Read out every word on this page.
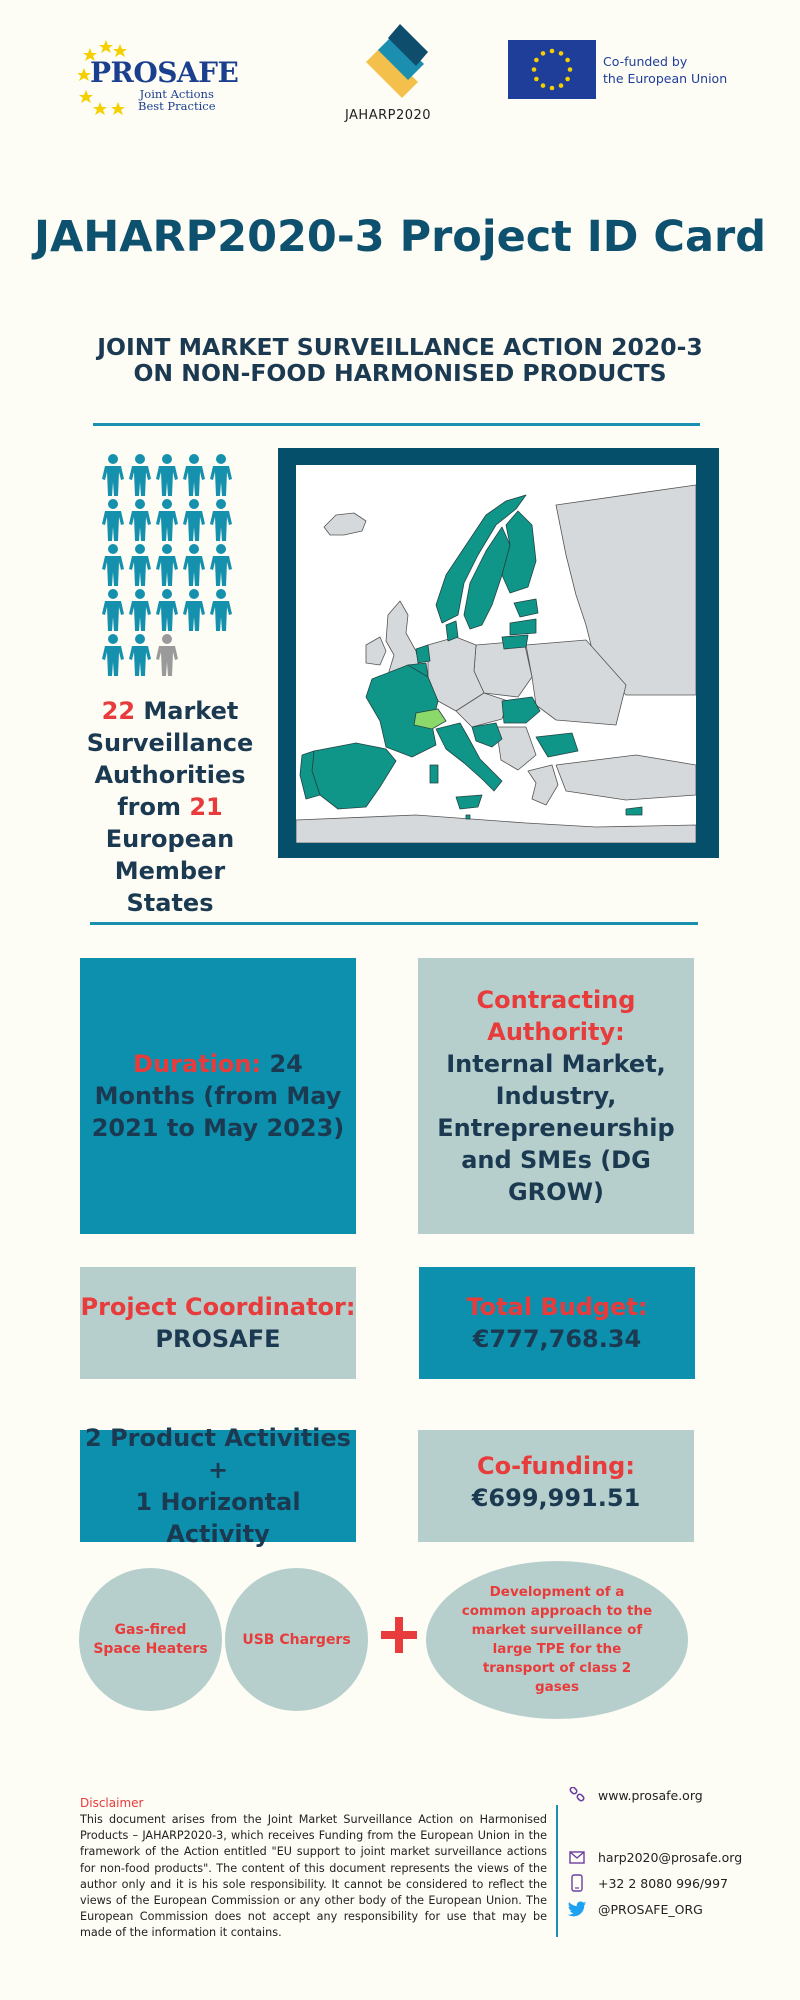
PROSAFE
Joint Actions
Best Practice
JAHARP2020
Co-funded by
the European Union
JAHARP2020-3 Project ID Card
JOINT MARKET SURVEILLANCE ACTION 2020-3
ON NON-FOOD HARMONISED PRODUCTS
22 Market Surveillance Authorities from 21 European Member States
Duration: 24 Months (from May 2021 to May 2023)
Contracting Authority:
Internal Market, Industry, Entrepreneurship and SMEs (DG GROW)
Project Coordinator:
PROSAFE
Total Budget:
€777,768.34
2 Product Activities +
1 Horizontal Activity
Co-funding:
€699,991.51
Gas-fired Space Heaters
USB Chargers
Development of a common approach to the market surveillance of large TPE for the transport of class 2 gases
Disclaimer
This document arises from the Joint Market Surveillance Action on Harmonised Products – JAHARP2020-3, which receives Funding from the European Union in the framework of the Action entitled "EU support to joint market surveillance actions for non-food products". The content of this document represents the views of the author only and it is his sole responsibility. It cannot be considered to reflect the views of the European Commission or any other body of the European Union. The European Commission does not accept any responsibility for use that may be made of the information it contains.
www.prosafe.org
harp2020@prosafe.org
+32 2 8080 996/997
@PROSAFE_ORG
